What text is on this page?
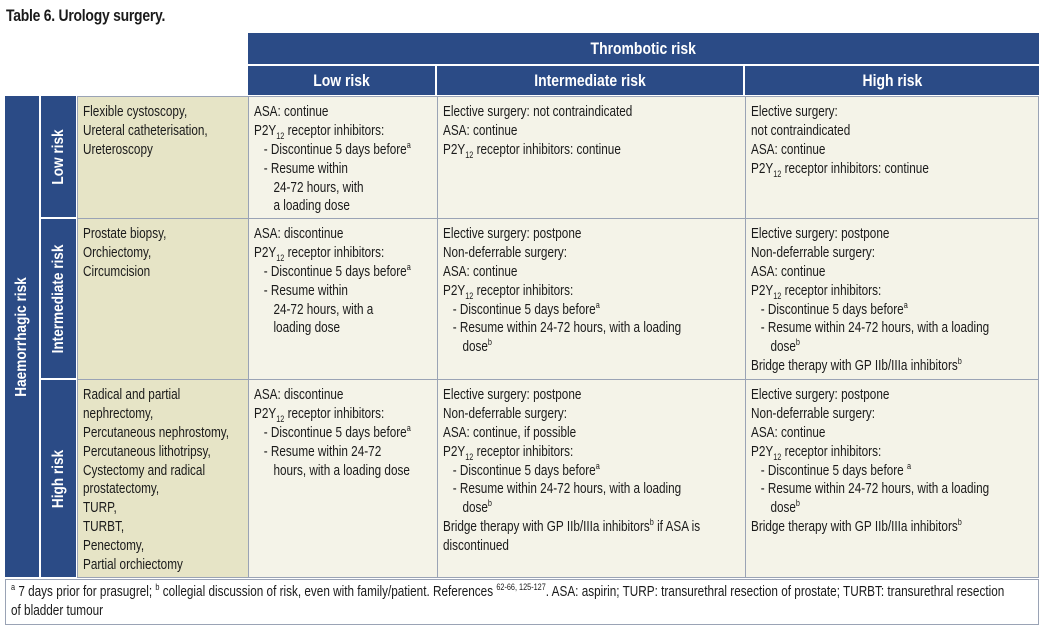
Table 6. Urology surgery.
Thrombotic risk
Low risk	Intermediate risk	High risk
Haemorrhagic risk
Low risk
Intermediate risk
High risk
Flexible cystoscopy,
Ureteral catheterisation,
Ureteroscopy
Prostate biopsy,
Orchiectomy,
Circumcision
Radical and partial
nephrectomy,
Percutaneous nephrostomy,
Percutaneous lithotripsy,
Cystectomy and radical
prostatectomy,
TURP,
TURBT,
Penectomy,
Partial orchiectomy
ASA: continue
$P2Y_{12}$ receptor inhibitors:
- Discontinue 5 days before$^a$
- Resume within
24-72 hours, with
a loading dose
Elective surgery: not contraindicated
ASA: continue
$P2Y_{12}$ receptor inhibitors: continue
Elective surgery:
not contraindicated
ASA: continue
$P2Y_{12}$ receptor inhibitors: continue
ASA: discontinue
$P2Y_{12}$ receptor inhibitors:
- Discontinue 5 days before$^a$
- Resume within
24-72 hours, with a
loading dose
Elective surgery: postpone
Non-deferrable surgery:
ASA: continue
$P2Y_{12}$ receptor inhibitors:
- Discontinue 5 days before$^a$
- Resume within 24-72 hours, with a loading
dose$^b$
Elective surgery: postpone
Non-deferrable surgery:
ASA: continue
$P2Y_{12}$ receptor inhibitors:
- Discontinue 5 days before$^a$
- Resume within 24-72 hours, with a loading
dose$^b$
Bridge therapy with GP IIb/IIIa inhibitors$^b$
ASA: discontinue
$P2Y_{12}$ receptor inhibitors:
- Discontinue 5 days before$^a$
- Resume within 24-72
hours, with a loading dose
Elective surgery: postpone
Non-deferrable surgery:
ASA: continue, if possible
$P2Y_{12}$ receptor inhibitors:
- Discontinue 5 days before$^a$
- Resume within 24-72 hours, with a loading
dose$^b$
Bridge therapy with GP IIb/IIIa inhibitors$^b$ if ASA is
discontinued
Elective surgery: postpone
Non-deferrable surgery:
ASA: continue
$P2Y_{12}$ receptor inhibitors:
- Discontinue 5 days before $^a$
- Resume within 24-72 hours, with a loading
dose$^b$
Bridge therapy with GP IIb/IIIa inhibitors$^b$
$^a$ 7 days prior for prasugrel; $^b$ collegial discussion of risk, even with family/patient. References $^{62-66, 125-127}$. ASA: aspirin; TURP: transurethral resection of prostate; TURBT: transurethral resection
of bladder tumour
